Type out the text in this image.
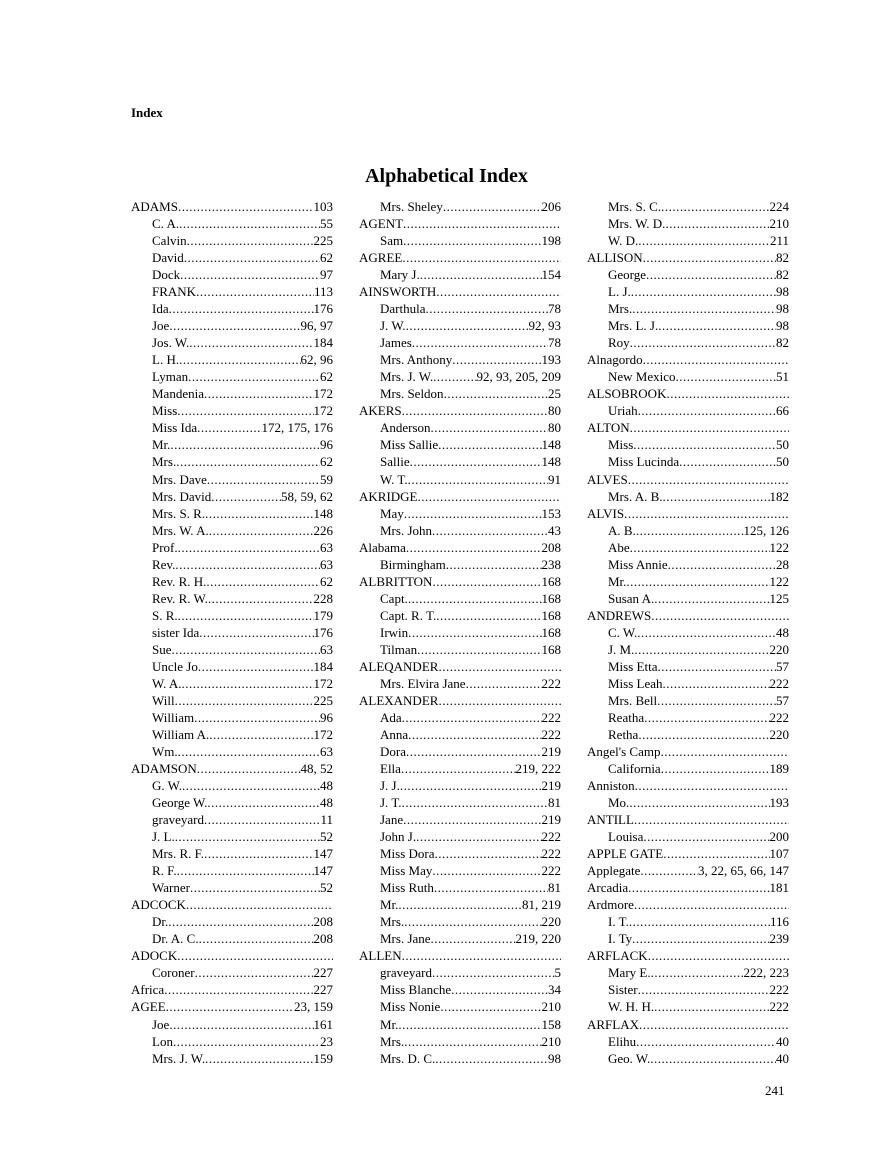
Index
Alphabetical Index
ADAMS .....	103
C. A. .....	55
Calvin .....	225
David .....	62
Dock .....	97
FRANK .....	113
Ida .....	176
Joe .....	96, 97
Jos. W. .....	184
L. H. .....	62, 96
Lyman .....	62
Mandenia .....	172
Miss .....	172
Miss Ida .....	172, 175, 176
Mr. .....	96
Mrs. .....	62
Mrs. Dave .....	59
Mrs. David .....	58, 59, 62
Mrs. S. R. .....	148
Mrs. W. A. .....	226
Prof. .....	63
Rev. .....	63
Rev. R. H. .....	62
Rev. R. W. .....	228
S. R. .....	179
sister Ida .....	176
Sue .....	63
Uncle Jo .....	184
W. A. .....	172
Will .....	225
William .....	96
William A. .....	172
Wm. .....	63
ADAMSON .....	48, 52
G. W. .....	48
George W. .....	48
graveyard .....	11
J. L. .....	52
Mrs. R. F. .....	147
R. F. .....	147
Warner .....	52
ADCOCK
.....
Dr. .....	208
Dr. A. C. .....	208
ADOCK
.....
Coroner .....	227
Africa .....	227
AGEE .....	23, 159
Joe .....	161
Lon .....	23
Mrs. J. W. .....	159
Mrs. Sheley .....	206
AGENT
.....
Sam .....	198
AGREE
.....
Mary J. .....	154
AINSWORTH
.....
Darthula .....	78
J. W. .....	92, 93
James .....	78
Mrs. Anthony .....	193
Mrs. J. W. .....	92, 93, 205, 209
Mrs. Seldon .....	25
AKERS .....	80
Anderson .....	80
Miss Sallie .....	148
Sallie .....	148
W. T. .....	91
AKRIDGE
.....
May .....	153
Mrs. John .....	43
Alabama .....	208
Birmingham .....	238
ALBRITTON .....	168
Capt. .....	168
Capt. R. T. .....	168
Irwin .....	168
Tilman .....	168
ALEQANDER
.....
Mrs. Elvira Jane .....	222
ALEXANDER
.....
Ada .....	222
Anna .....	222
Dora .....	219
Ella .....	219, 222
J. J. .....	219
J. T. .....	81
Jane .....	219
John J. .....	222
Miss Dora .....	222
Miss May .....	222
Miss Ruth .....	81
Mr. .....	81, 219
Mrs. .....	220
Mrs. Jane .....	219, 220
ALLEN
.....
graveyard .....	5
Miss Blanche .....	34
Miss Nonie .....	210
Mr. .....	158
Mrs. .....	210
Mrs. D. C. .....	98
Mrs. S. C. .....	224
Mrs. W. D. .....	210
W. D. .....	211
ALLISON .....	82
George .....	82
L. J. .....	98
Mrs. .....	98
Mrs. L. J. .....	98
Roy .....	82
Alnagordo
.....
New Mexico .....	51
ALSOBROOK
.....
Uriah .....	66
ALTON
.....
Miss .....	50
Miss Lucinda .....	50
ALVES
.....
Mrs. A. B. .....	182
ALVIS
.....
A. B. .....	125, 126
Abe .....	122
Miss Annie .....	28
Mr. .....	122
Susan A. .....	125
ANDREWS
.....
C. W. .....	48
J. M. .....	220
Miss Etta .....	57
Miss Leah .....	222
Mrs. Bell .....	57
Reatha .....	222
Retha .....	220
Angel's Camp
.....
California .....	189
Anniston
.....
Mo. .....	193
ANTILL
.....
Louisa .....	200
APPLE GATE .....	107
Applegate .....	3, 22, 65, 66, 147
Arcadia .....	181
Ardmore
.....
I. T. .....	116
I. Ty .....	239
ARFLACK
.....
Mary E. .....	222, 223
Sister .....	222
W. H. H. .....	222
ARFLAX
.....
Elihu .....	40
Geo. W. .....	40
241
